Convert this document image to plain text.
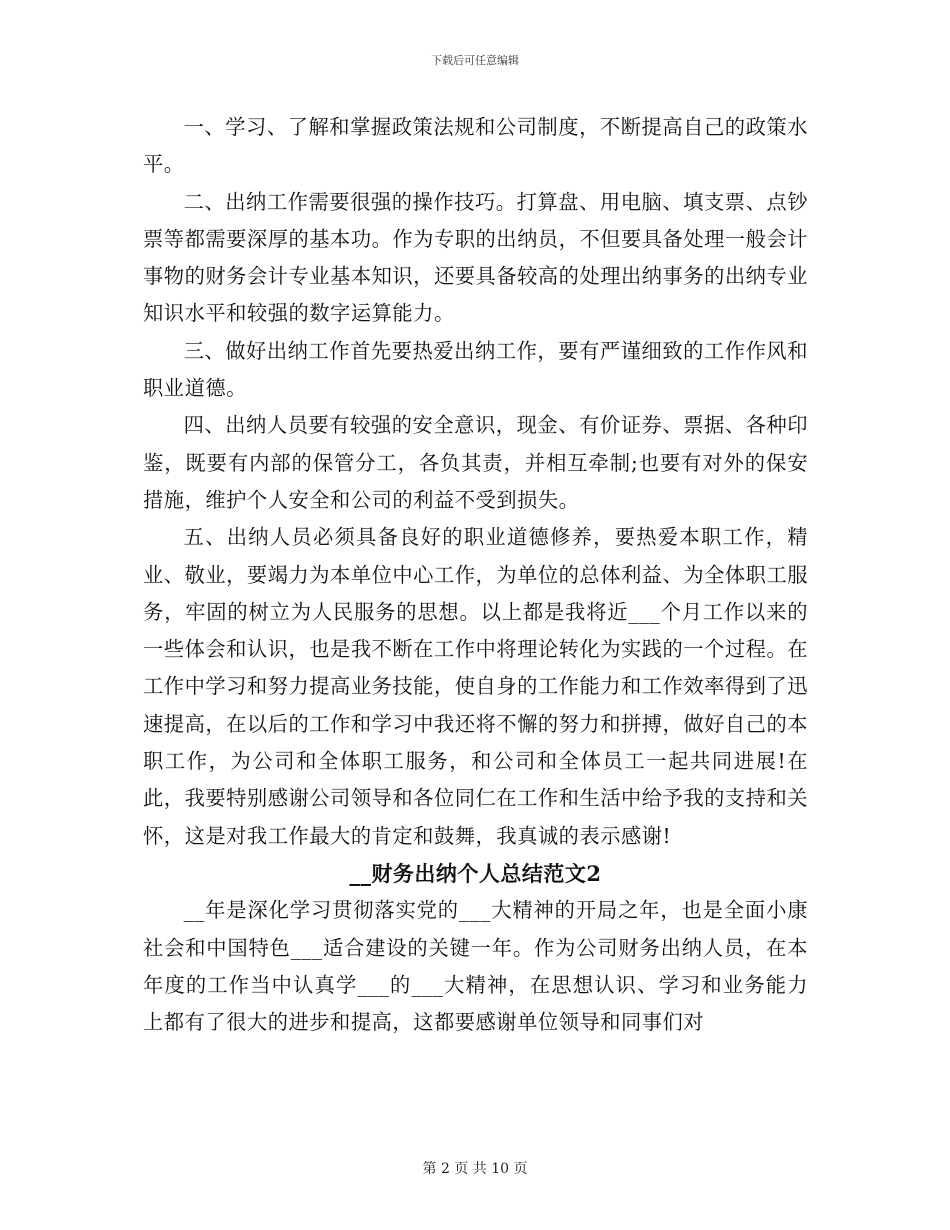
下载后可任意编辑

一、学习、了解和掌握政策法规和公司制度，不断提高自己的政策水平。

二、出纳工作需要很强的操作技巧。打算盘、用电脑、填支票、点钞票等都需要深厚的基本功。作为专职的出纳员，不但要具备处理一般会计事物的财务会计专业基本知识，还要具备较高的处理出纳事务的出纳专业知识水平和较强的数字运算能力。

三、做好出纳工作首先要热爱出纳工作，要有严谨细致的工作作风和职业道德。

四、出纳人员要有较强的安全意识，现金、有价证券、票据、各种印鉴，既要有内部的保管分工，各负其责，并相互牵制;也要有对外的保安措施，维护个人安全和公司的利益不受到损失。

五、出纳人员必须具备良好的职业道德修养，要热爱本职工作，精业、敬业，要竭力为本单位中心工作，为单位的总体利益、为全体职工服务，牢固的树立为人民服务的思想。以上都是我将近___个月工作以来的一些体会和认识，也是我不断在工作中将理论转化为实践的一个过程。在工作中学习和努力提高业务技能，使自身的工作能力和工作效率得到了迅速提高，在以后的工作和学习中我还将不懈的努力和拼搏，做好自己的本职工作，为公司和全体职工服务，和公司和全体员工一起共同进展!在此，我要特别感谢公司领导和各位同仁在工作和生活中给予我的支持和关怀，这是对我工作最大的肯定和鼓舞，我真诚的表示感谢!

__财务出纳个人总结范文2

__年是深化学习贯彻落实党的___大精神的开局之年，也是全面小康社会和中国特色___适合建设的关键一年。作为公司财务出纳人员，在本年度的工作当中认真学___的___大精神，在思想认识、学习和业务能力上都有了很大的进步和提高，这都要感谢单位领导和同事们对

第 2 页 共 10 页
